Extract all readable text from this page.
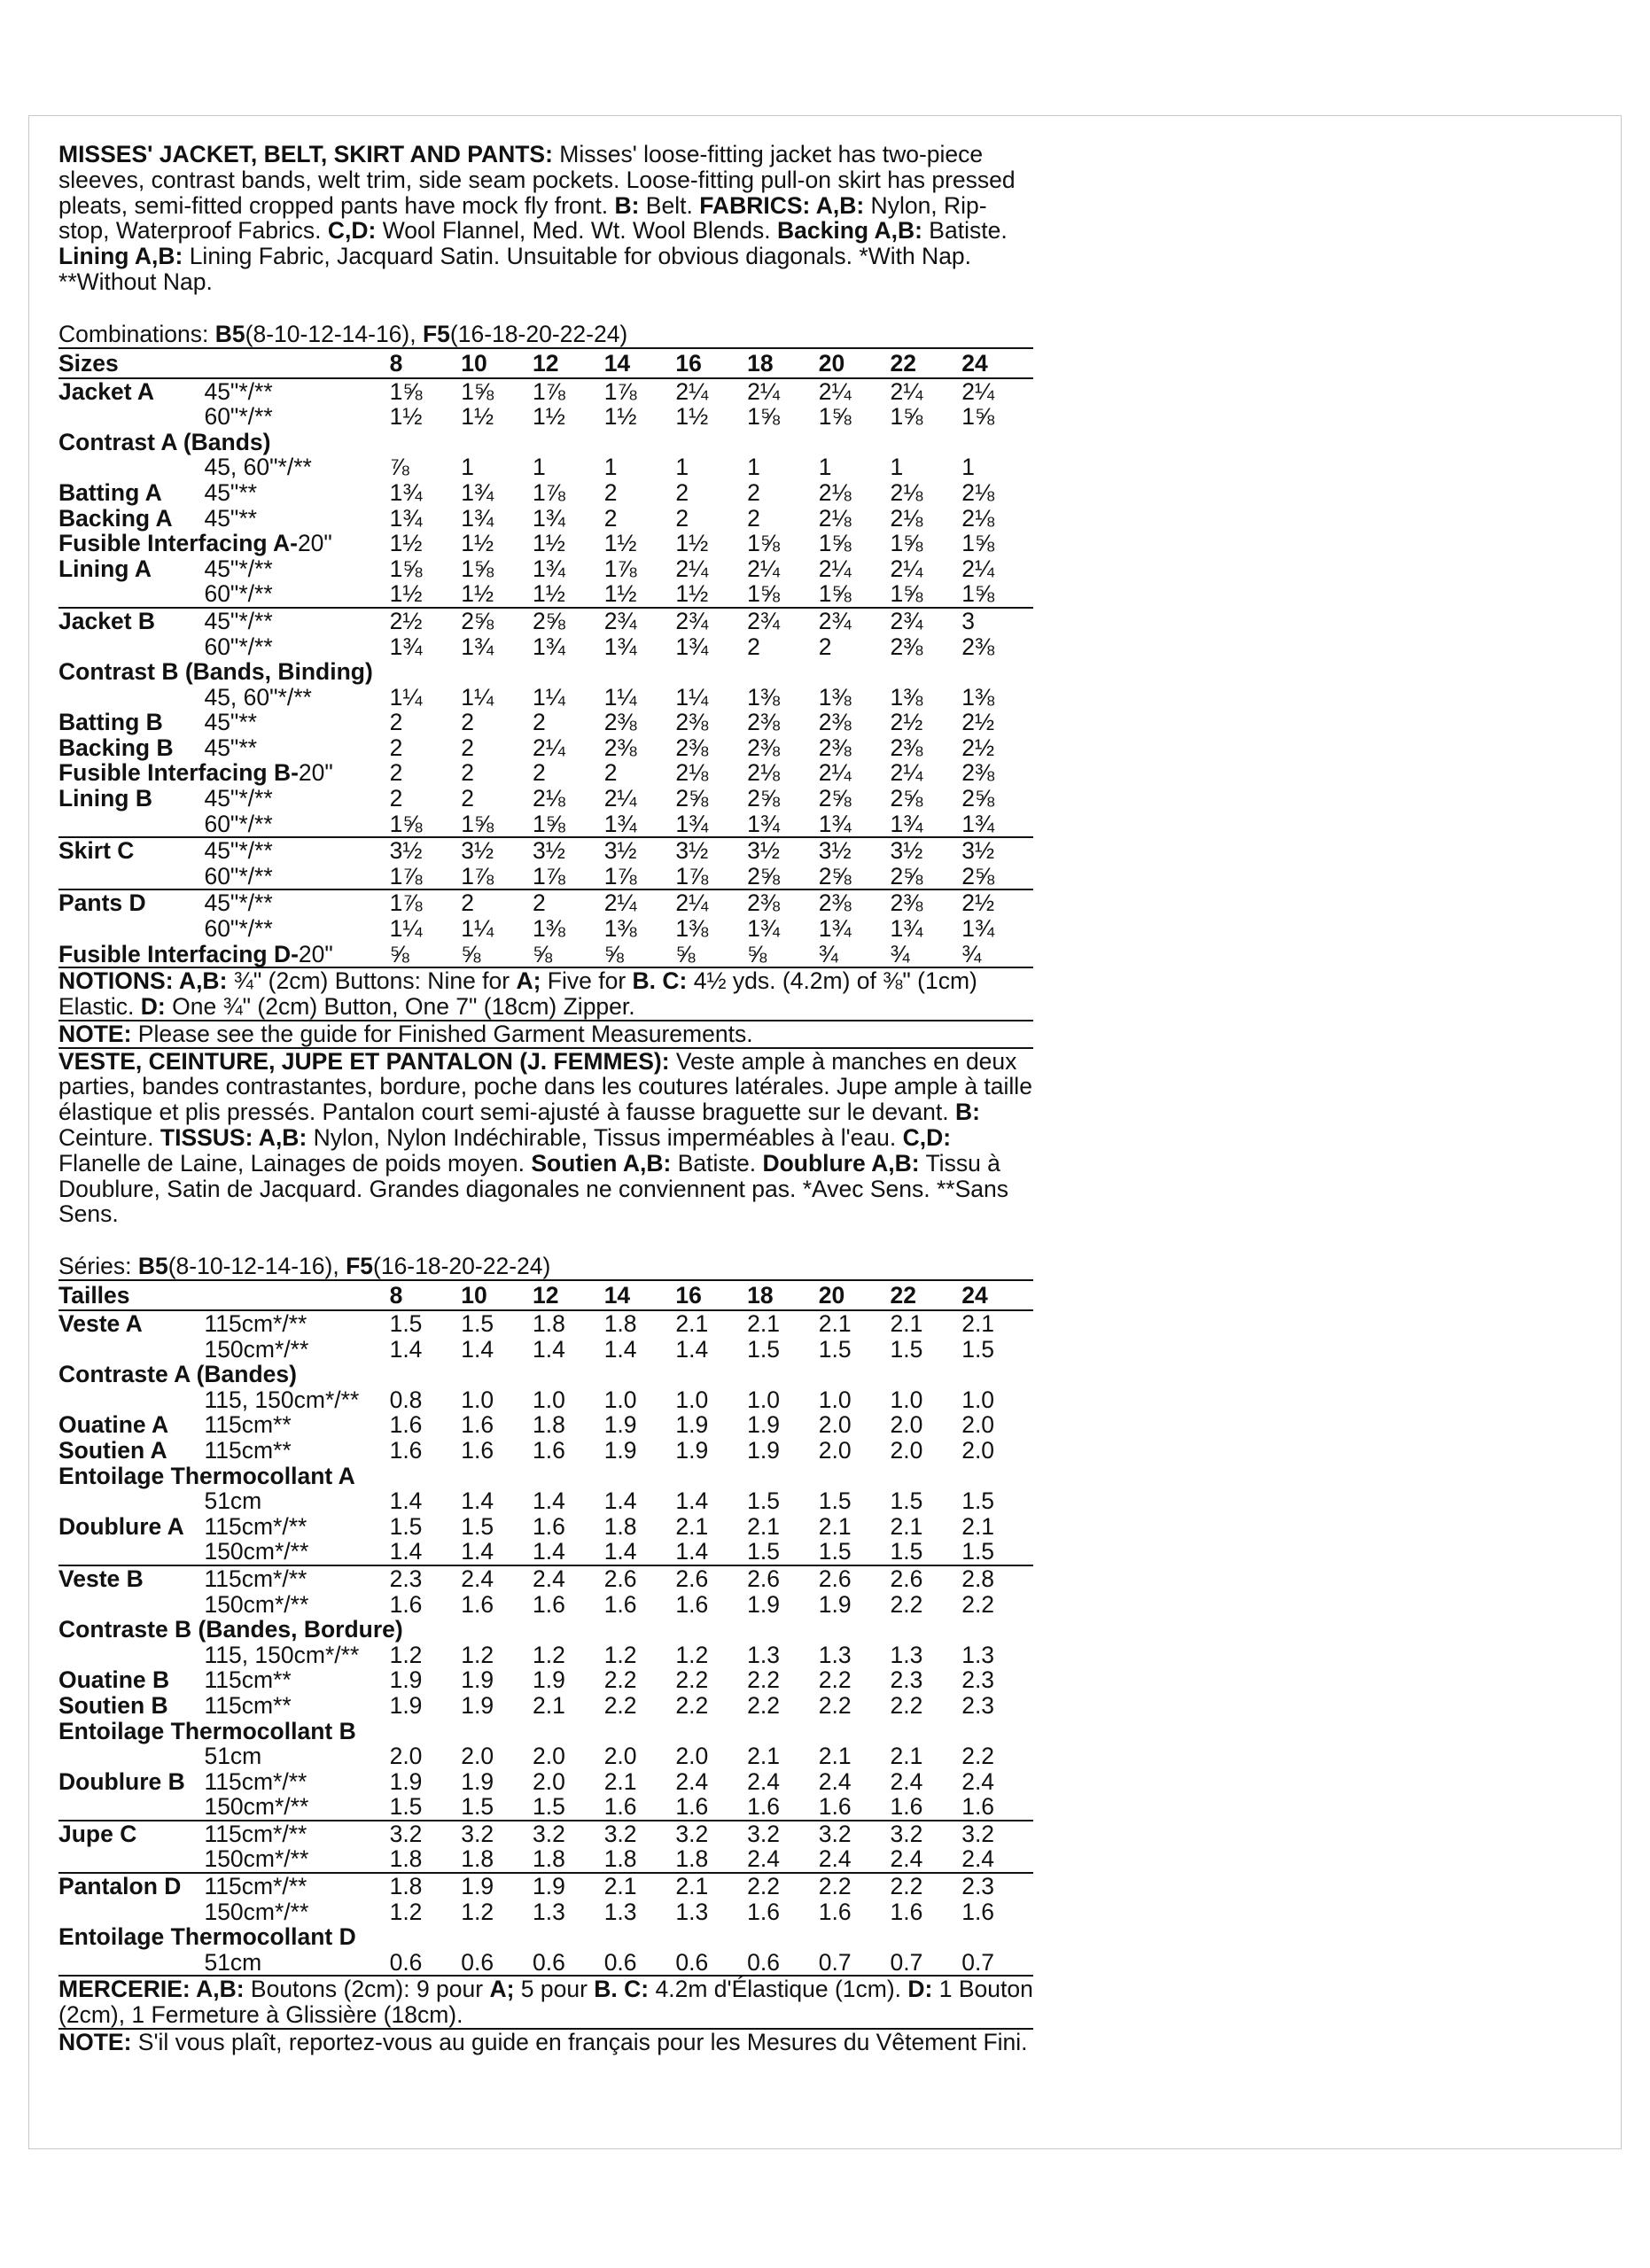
MISSES' JACKET, BELT, SKIRT AND PANTS: Misses' loose-fitting jacket has two-piece sleeves, contrast bands, welt trim, side seam pockets. Loose-fitting pull-on skirt has pressed pleats, semi-fitted cropped pants have mock fly front. B: Belt. FABRICS: A,B: Nylon, Rip-stop, Waterproof Fabrics. C,D: Wool Flannel, Med. Wt. Wool Blends. Backing A,B: Batiste. Lining A,B: Lining Fabric, Jacquard Satin. Unsuitable for obvious diagonals. *With Nap. **Without Nap.

Combinations: B5(8-10-12-14-16), F5(16-18-20-22-24)

Sizes		8	10	12	14	16	18	20	22	24
Jacket A	45"*/**	1⅝	1⅝	1⅞	1⅞	2¼	2¼	2¼	2¼	2¼
	60"*/**	1½	1½	1½	1½	1½	1⅝	1⅝	1⅝	1⅝
Contrast A (Bands)										
	45, 60"*/**	⅞	1	1	1	1	1	1	1	1
Batting A	45"**	1¾	1¾	1⅞	2	2	2	2⅛	2⅛	2⅛
Backing A	45"**	1¾	1¾	1¾	2	2	2	2⅛	2⅛	2⅛
Fusible Interfacing A-20"		1½	1½	1½	1½	1½	1⅝	1⅝	1⅝	1⅝
Lining A	45"*/**	1⅝	1⅝	1¾	1⅞	2¼	2¼	2¼	2¼	2¼
	60"*/**	1½	1½	1½	1½	1½	1⅝	1⅝	1⅝	1⅝
Jacket B	45"*/**	2½	2⅝	2⅝	2¾	2¾	2¾	2¾	2¾	3
	60"*/**	1¾	1¾	1¾	1¾	1¾	2	2	2⅜	2⅜
Contrast B (Bands, Binding)										
	45, 60"*/**	1¼	1¼	1¼	1¼	1¼	1⅜	1⅜	1⅜	1⅜
Batting B	45"**	2	2	2	2⅜	2⅜	2⅜	2⅜	2½	2½
Backing B	45"**	2	2	2¼	2⅜	2⅜	2⅜	2⅜	2⅜	2½
Fusible Interfacing B-20"		2	2	2	2	2⅛	2⅛	2¼	2¼	2⅜
Lining B	45"*/**	2	2	2⅛	2¼	2⅝	2⅝	2⅝	2⅝	2⅝
	60"*/**	1⅝	1⅝	1⅝	1¾	1¾	1¾	1¾	1¾	1¾
Skirt C	45"*/**	3½	3½	3½	3½	3½	3½	3½	3½	3½
	60"*/**	1⅞	1⅞	1⅞	1⅞	1⅞	2⅝	2⅝	2⅝	2⅝
Pants D	45"*/**	1⅞	2	2	2¼	2¼	2⅜	2⅜	2⅜	2½
	60"*/**	1¼	1¼	1⅜	1⅜	1⅜	1¾	1¾	1¾	1¾
Fusible Interfacing D-20"		⅝	⅝	⅝	⅝	⅝	⅝	¾	¾	¾

NOTIONS: A,B: ¾" (2cm) Buttons: Nine for A; Five for B. C: 4½ yds. (4.2m) of ⅜" (1cm) Elastic. D: One ¾" (2cm) Button, One 7" (18cm) Zipper.

NOTE: Please see the guide for Finished Garment Measurements.

VESTE, CEINTURE, JUPE ET PANTALON (J. FEMMES): Veste ample à manches en deux parties, bandes contrastantes, bordure, poche dans les coutures latérales. Jupe ample à taille élastique et plis pressés. Pantalon court semi-ajusté à fausse braguette sur le devant. B: Ceinture. TISSUS: A,B: Nylon, Nylon Indéchirable, Tissus imperméables à l'eau. C,D: Flanelle de Laine, Lainages de poids moyen. Soutien A,B: Batiste. Doublure A,B: Tissu à Doublure, Satin de Jacquard. Grandes diagonales ne conviennent pas. *Avec Sens. **Sans Sens.

Séries: B5(8-10-12-14-16), F5(16-18-20-22-24)

Tailles		8	10	12	14	16	18	20	22	24
Veste A	115cm*/**	1.5	1.5	1.8	1.8	2.1	2.1	2.1	2.1	2.1
	150cm*/**	1.4	1.4	1.4	1.4	1.4	1.5	1.5	1.5	1.5
Contraste A (Bandes)										
	115, 150cm*/**	0.8	1.0	1.0	1.0	1.0	1.0	1.0	1.0	1.0
Ouatine A	115cm**	1.6	1.6	1.8	1.9	1.9	1.9	2.0	2.0	2.0
Soutien A	115cm**	1.6	1.6	1.6	1.9	1.9	1.9	2.0	2.0	2.0
Entoilage Thermocollant A										
	51cm	1.4	1.4	1.4	1.4	1.4	1.5	1.5	1.5	1.5
Doublure A	115cm*/**	1.5	1.5	1.6	1.8	2.1	2.1	2.1	2.1	2.1
	150cm*/**	1.4	1.4	1.4	1.4	1.4	1.5	1.5	1.5	1.5
Veste B	115cm*/**	2.3	2.4	2.4	2.6	2.6	2.6	2.6	2.6	2.8
	150cm*/**	1.6	1.6	1.6	1.6	1.6	1.9	1.9	2.2	2.2
Contraste B (Bandes, Bordure)										
	115, 150cm*/**	1.2	1.2	1.2	1.2	1.2	1.3	1.3	1.3	1.3
Ouatine B	115cm**	1.9	1.9	1.9	2.2	2.2	2.2	2.2	2.3	2.3
Soutien B	115cm**	1.9	1.9	2.1	2.2	2.2	2.2	2.2	2.2	2.3
Entoilage Thermocollant B										
	51cm	2.0	2.0	2.0	2.0	2.0	2.1	2.1	2.1	2.2
Doublure B	115cm*/**	1.9	1.9	2.0	2.1	2.4	2.4	2.4	2.4	2.4
	150cm*/**	1.5	1.5	1.5	1.6	1.6	1.6	1.6	1.6	1.6
Jupe C	115cm*/**	3.2	3.2	3.2	3.2	3.2	3.2	3.2	3.2	3.2
	150cm*/**	1.8	1.8	1.8	1.8	1.8	2.4	2.4	2.4	2.4
Pantalon D	115cm*/**	1.8	1.9	1.9	2.1	2.1	2.2	2.2	2.2	2.3
	150cm*/**	1.2	1.2	1.3	1.3	1.3	1.6	1.6	1.6	1.6
Entoilage Thermocollant D										
	51cm	0.6	0.6	0.6	0.6	0.6	0.6	0.7	0.7	0.7

MERCERIE: A,B: Boutons (2cm): 9 pour A; 5 pour B. C: 4.2m d'Élastique (1cm). D: 1 Bouton (2cm), 1 Fermeture à Glissière (18cm).

NOTE: S'il vous plaît, reportez-vous au guide en français pour les Mesures du Vêtement Fini.
